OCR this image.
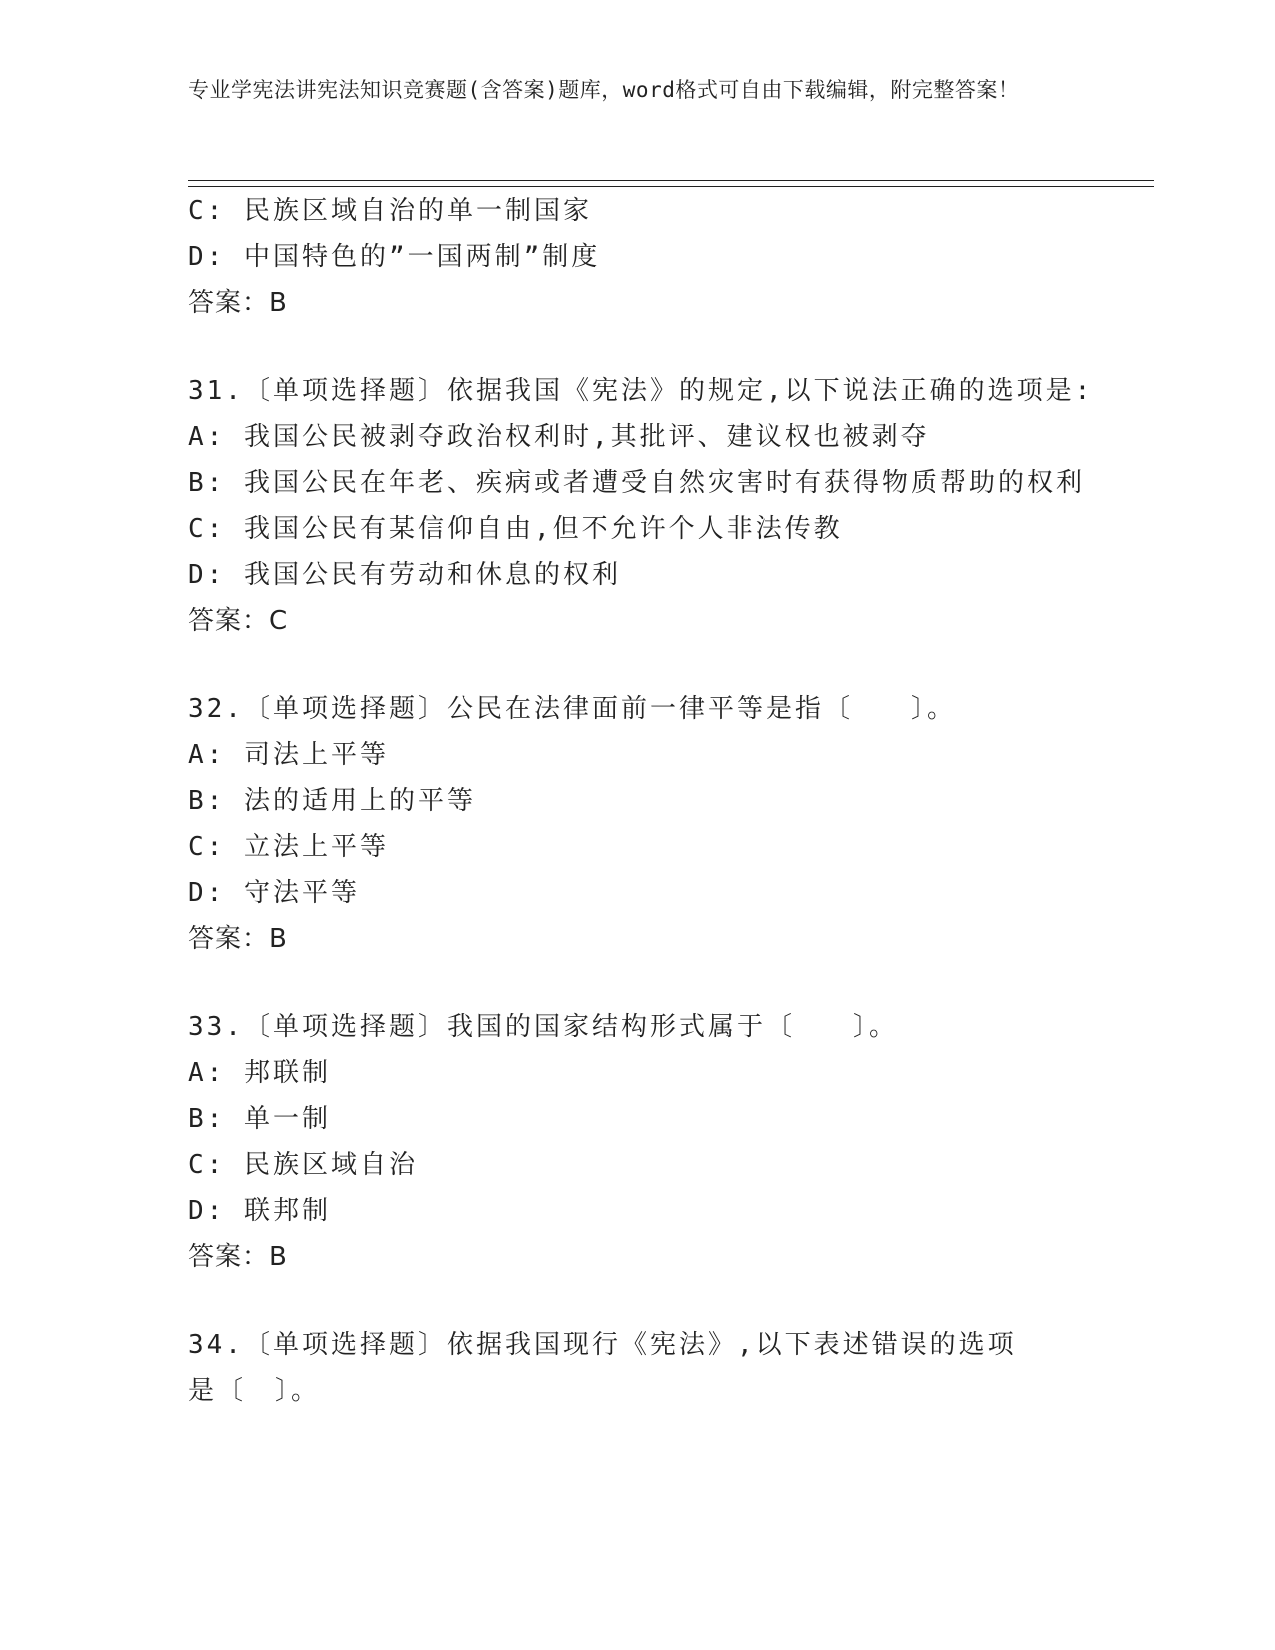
专业学宪法讲宪法知识竞赛题(含答案)题库，word格式可自由下载编辑，附完整答案！
C: 民族区域自治的单一制国家
D: 中国特色的”一国两制”制度
答案：B
31.〔单项选择题〕依据我国《宪法》的规定,以下说法正确的选项是:
A: 我国公民被剥夺政治权利时,其批评、建议权也被剥夺
B: 我国公民在年老、疾病或者遭受自然灾害时有获得物质帮助的权利
C: 我国公民有某信仰自由,但不允许个人非法传教
D: 我国公民有劳动和休息的权利
答案：C
32.〔单项选择题〕公民在法律面前一律平等是指〔　　〕。
A: 司法上平等
B: 法的适用上的平等
C: 立法上平等
D: 守法平等
答案：B
33.〔单项选择题〕我国的国家结构形式属于〔　　〕。
A: 邦联制
B: 单一制
C: 民族区域自治
D: 联邦制
答案：B
34.〔单项选择题〕依据我国现行《宪法》,以下表述错误的选项是〔　〕。
